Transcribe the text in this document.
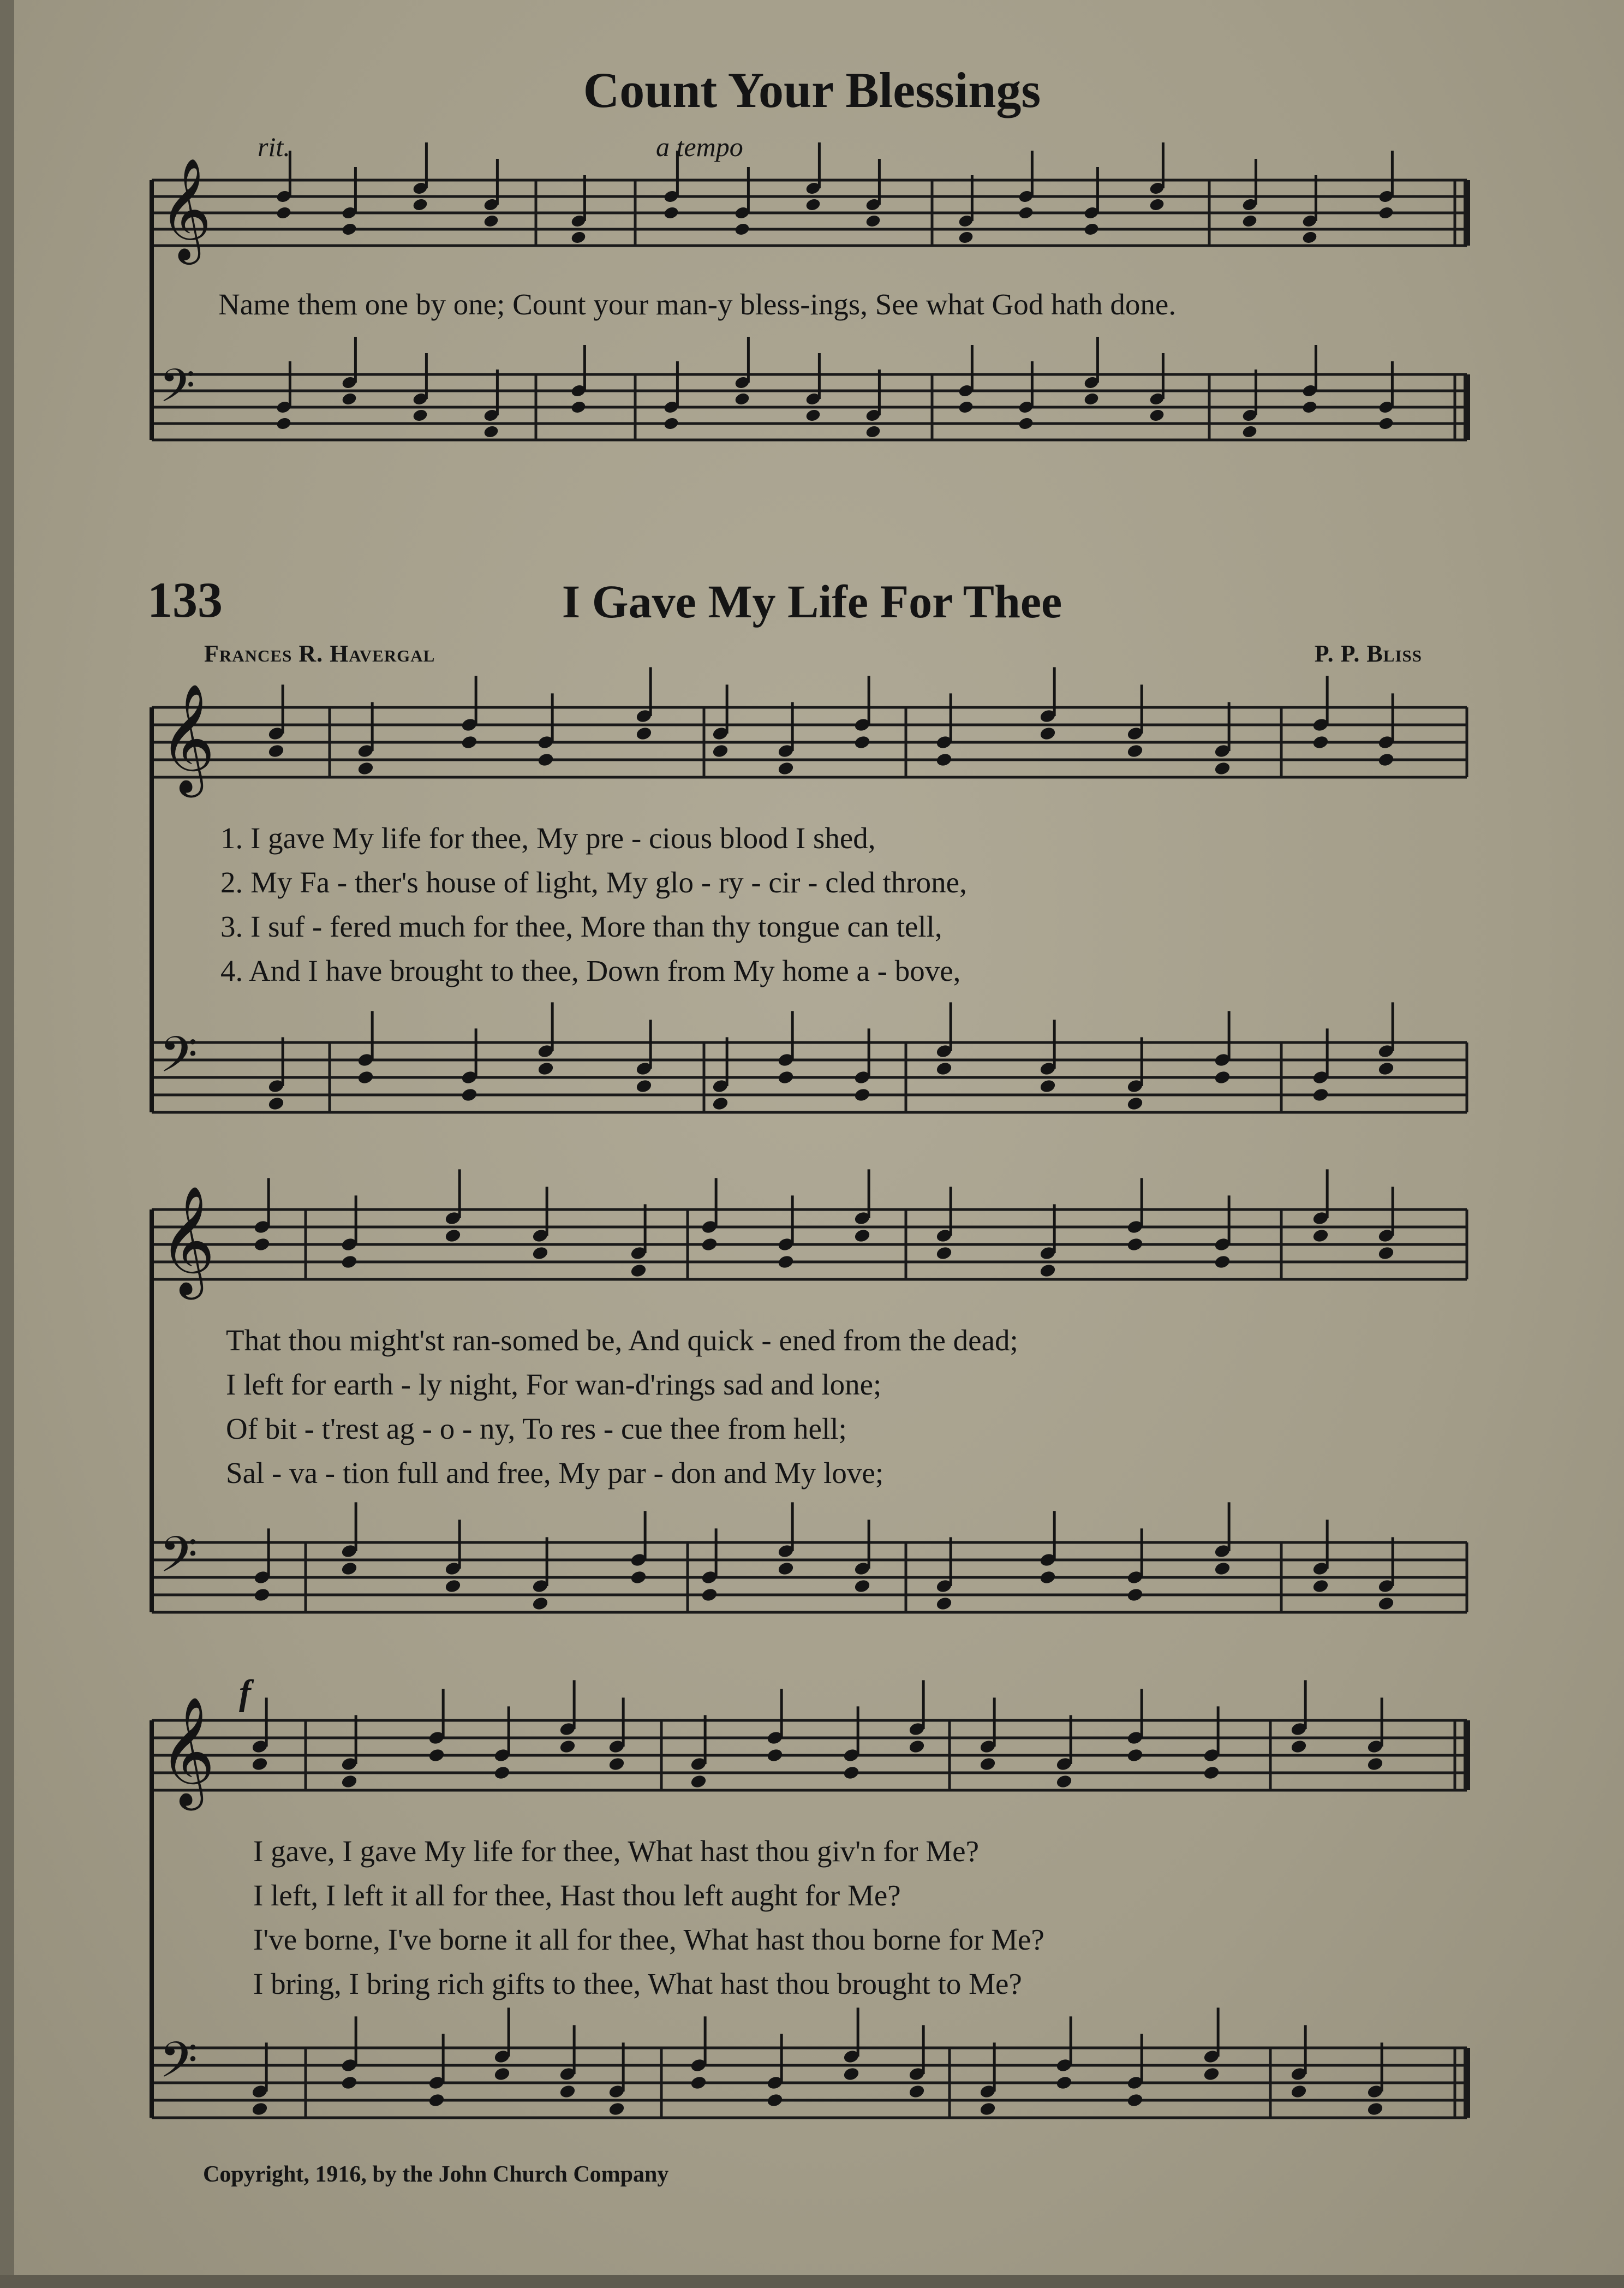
Count Your Blessings
rit.	a tempo
𝄞
𝄢
𝄞
𝄢
𝄞
𝄢
𝄞
𝄢
Name them one by one; Count your man-y bless-ings, See what God hath done.
133	I Gave My Life For Thee
Frances R. Havergal	P. P. Bliss
f
1. I gave My life for thee, My pre - cious blood I shed,
2. My Fa - ther's house of light, My glo - ry - cir - cled throne,
3. I suf - fered much for thee, More than thy tongue can tell,
4. And I have brought to thee, Down from My home a - bove,
That thou might'st ran-somed be, And quick - ened from the dead;
I left for earth - ly night, For wan-d'rings sad and lone;
Of bit - t'rest ag - o - ny, To res - cue thee from hell;
Sal - va - tion full and free, My par - don and My love;
I gave, I gave My life for thee, What hast thou giv'n for Me?
I left, I left it all for thee, Hast thou left aught for Me?
I've borne, I've borne it all for thee, What hast thou borne for Me?
I bring, I bring rich gifts to thee, What hast thou brought to Me?
Copyright, 1916, by the John Church Company
